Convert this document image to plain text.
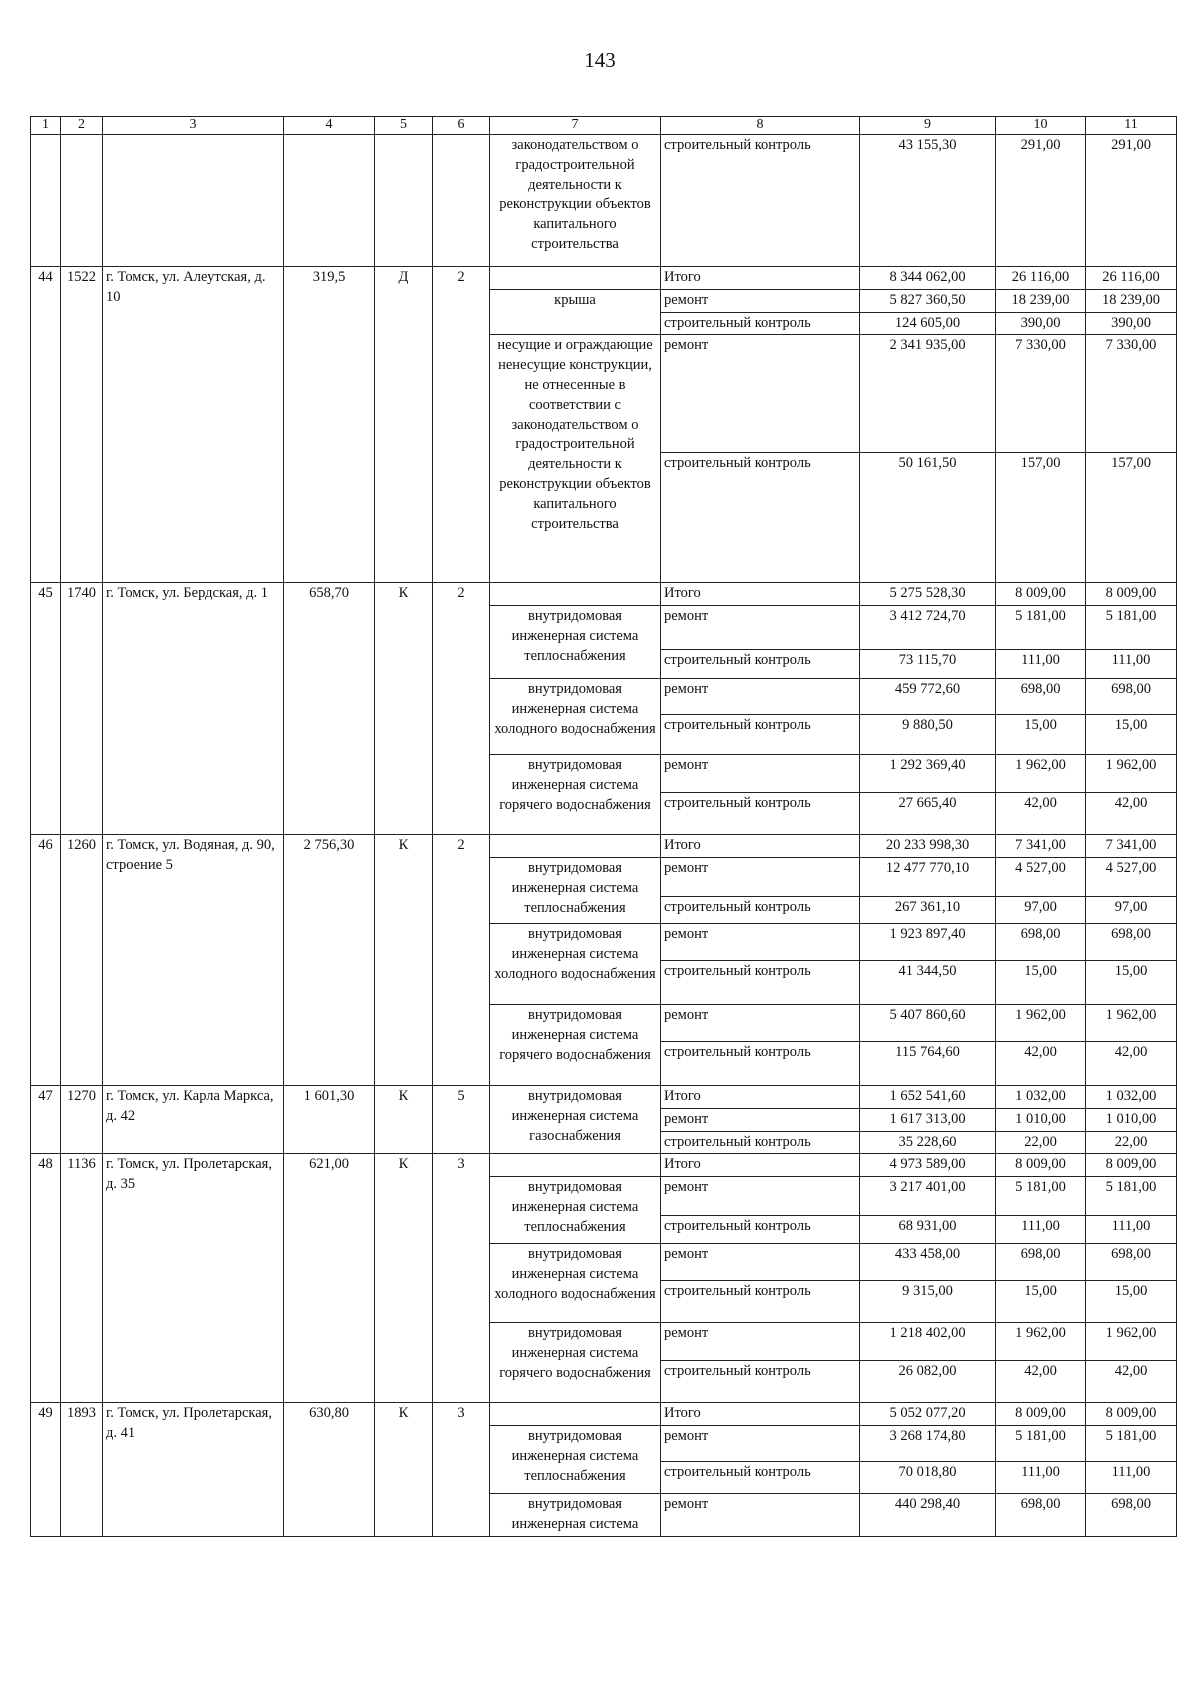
143
1	2	3	4	5	6	7	8	9	10	11
						законодательством о градостроительной деятельности к реконструкции объектов капитального строительства	строительный контроль	43 155,30	291,00	291,00
44	1522	г. Томск, ул. Алеутская, д. 10	319,5	Д	2		Итого	8 344 062,00	26 116,00	26 116,00
						крыша	ремонт	5 827 360,50	18 239,00	18 239,00
							строительный контроль	124 605,00	390,00	390,00
						несущие и ограждающие ненесущие конструкции, не отнесенные в соответствии с законодательством о градостроительной деятельности к реконструкции объектов капитального строительства	ремонт	2 341 935,00	7 330,00	7 330,00
							строительный контроль	50 161,50	157,00	157,00
45	1740	г. Томск, ул. Бердская, д. 1	658,70	К	2		Итого	5 275 528,30	8 009,00	8 009,00
						внутридомовая инженерная система теплоснабжения	ремонт	3 412 724,70	5 181,00	5 181,00
							строительный контроль	73 115,70	111,00	111,00
						внутридомовая инженерная система холодного водоснабжения	ремонт	459 772,60	698,00	698,00
							строительный контроль	9 880,50	15,00	15,00
						внутридомовая инженерная система горячего водоснабжения	ремонт	1 292 369,40	1 962,00	1 962,00
							строительный контроль	27 665,40	42,00	42,00
46	1260	г. Томск, ул. Водяная, д. 90, строение 5	2 756,30	К	2		Итого	20 233 998,30	7 341,00	7 341,00
						внутридомовая инженерная система теплоснабжения	ремонт	12 477 770,10	4 527,00	4 527,00
							строительный контроль	267 361,10	97,00	97,00
						внутридомовая инженерная система холодного водоснабжения	ремонт	1 923 897,40	698,00	698,00
							строительный контроль	41 344,50	15,00	15,00
						внутридомовая инженерная система горячего водоснабжения	ремонт	5 407 860,60	1 962,00	1 962,00
							строительный контроль	115 764,60	42,00	42,00
47	1270	г. Томск, ул. Карла Маркса, д. 42	1 601,30	К	5	внутридомовая инженерная система газоснабжения	Итого	1 652 541,60	1 032,00	1 032,00
							ремонт	1 617 313,00	1 010,00	1 010,00
							строительный контроль	35 228,60	22,00	22,00
48	1136	г. Томск, ул. Пролетарская, д. 35	621,00	К	3		Итого	4 973 589,00	8 009,00	8 009,00
						внутридомовая инженерная система теплоснабжения	ремонт	3 217 401,00	5 181,00	5 181,00
							строительный контроль	68 931,00	111,00	111,00
						внутридомовая инженерная система холодного водоснабжения	ремонт	433 458,00	698,00	698,00
							строительный контроль	9 315,00	15,00	15,00
						внутридомовая инженерная система горячего водоснабжения	ремонт	1 218 402,00	1 962,00	1 962,00
							строительный контроль	26 082,00	42,00	42,00
49	1893	г. Томск, ул. Пролетарская, д. 41	630,80	К	3		Итого	5 052 077,20	8 009,00	8 009,00
						внутридомовая инженерная система теплоснабжения	ремонт	3 268 174,80	5 181,00	5 181,00
							строительный контроль	70 018,80	111,00	111,00
						внутридомовая инженерная система	ремонт	440 298,40	698,00	698,00
